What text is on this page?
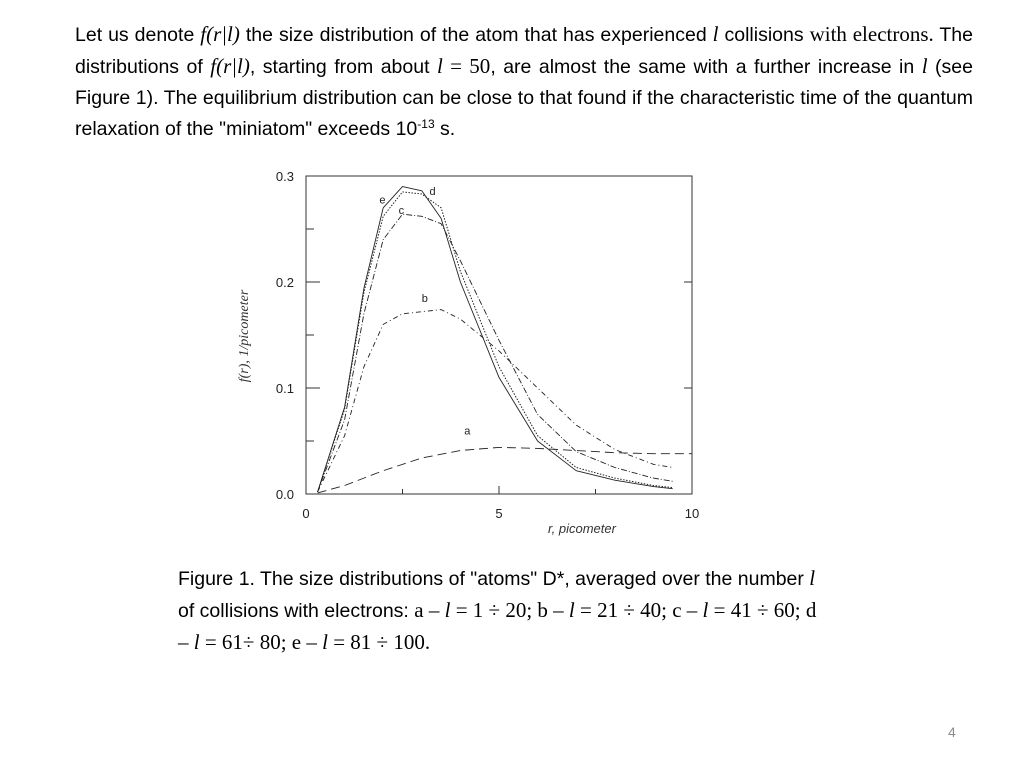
Let us denote f(r|l) the size distribution of the atom that has experienced l collisions with electrons. The distributions of f(r|l), starting from about l = 50, are almost the same with a further increase in l (see Figure 1). The equilibrium distribution can be close to that found if the characteristic time of the quantum relaxation of the "miniatom" exceeds $10^{-13}$ s.

0	5	10
0.0
0.1
0.2
0.3
a
b
c
d
e
r, picometer
f(r), 1/picometer

Figure 1. The size distributions of "atoms" D*, averaged over the number l of collisions with electrons: a – l = 1 ÷ 20; b – l = 21 ÷ 40; c – l = 41 ÷ 60; d – l = 61÷ 80; e – l = 81 ÷ 100.

4
